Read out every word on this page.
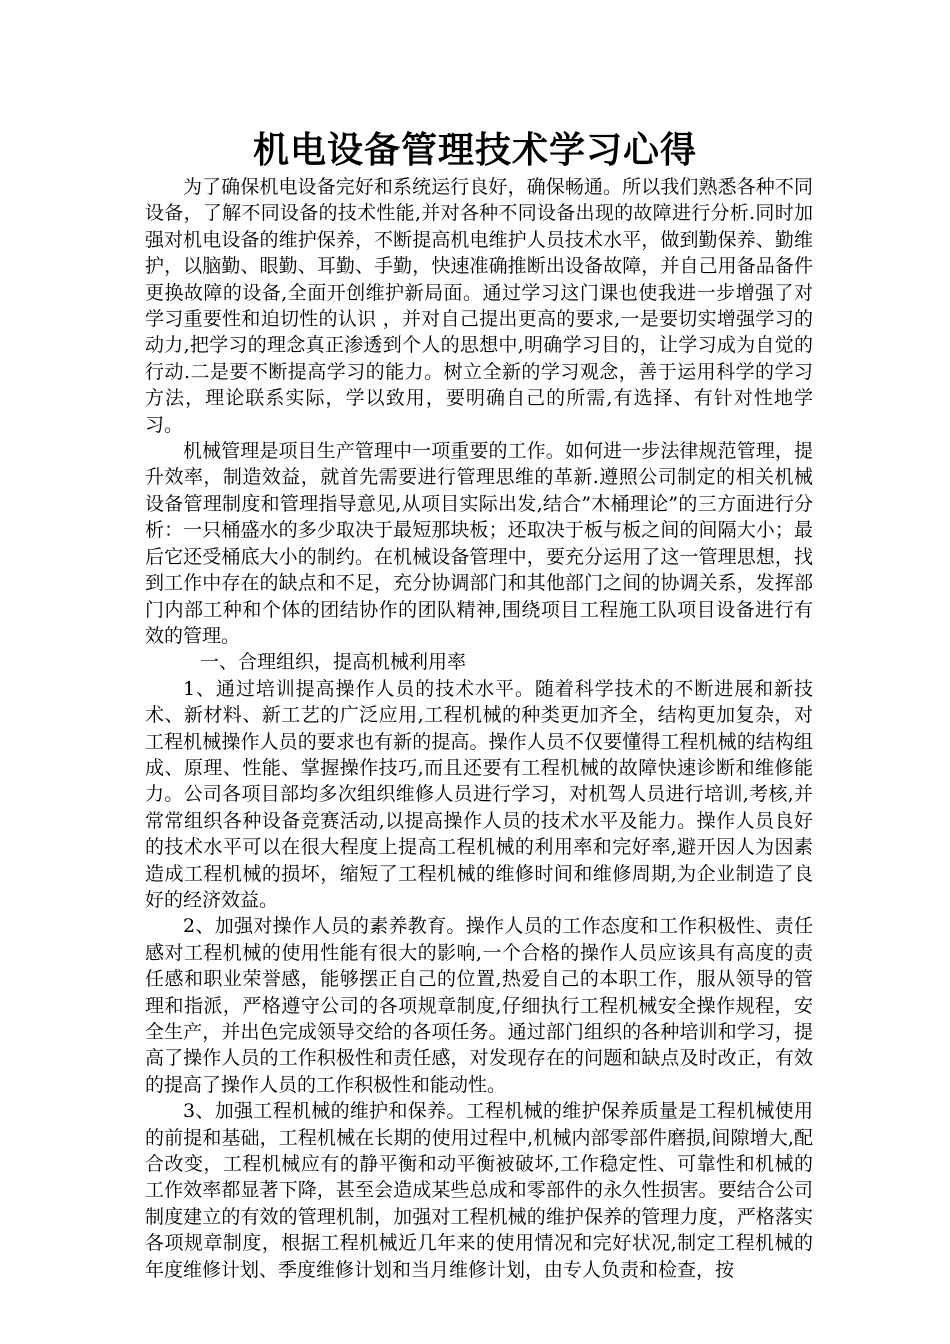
机电设备管理技术学习心得

为了确保机电设备完好和系统运行良好，确保畅通。所以我们熟悉各种不同设备，了解不同设备的技术性能,并对各种不同设备出现的故障进行分析.同时加强对机电设备的维护保养，不断提高机电维护人员技术水平，做到勤保养、勤维护，以脑勤、眼勤、耳勤、手勤，快速准确推断出设备故障，并自己用备品备件更换故障的设备,全面开创维护新局面。通过学习这门课也使我进一步增强了对学习重要性和迫切性的认识 ，并对自己提出更高的要求,一是要切实增强学习的动力,把学习的理念真正渗透到个人的思想中,明确学习目的，让学习成为自觉的行动.二是要不断提高学习的能力。树立全新的学习观念，善于运用科学的学习方法，理论联系实际，学以致用，要明确自己的所需,有选择、有针对性地学习。

机械管理是项目生产管理中一项重要的工作。如何进一步法律规范管理，提升效率，制造效益，就首先需要进行管理思维的革新.遵照公司制定的相关机械设备管理制度和管理指导意见,从项目实际出发,结合”木桶理论”的三方面进行分析：一只桶盛水的多少取决于最短那块板；还取决于板与板之间的间隔大小；最后它还受桶底大小的制约。在机械设备管理中，要充分运用了这一管理思想，找到工作中存在的缺点和不足，充分协调部门和其他部门之间的协调关系，发挥部门内部工种和个体的团结协作的团队精神,围绕项目工程施工队项目设备进行有效的管理。

一、合理组织，提高机械利用率

1、通过培训提高操作人员的技术水平。随着科学技术的不断进展和新技术、新材料、新工艺的广泛应用,工程机械的种类更加齐全，结构更加复杂，对工程机械操作人员的要求也有新的提高。操作人员不仅要懂得工程机械的结构组成、原理、性能、掌握操作技巧,而且还要有工程机械的故障快速诊断和维修能力。公司各项目部均多次组织维修人员进行学习，对机驾人员进行培训,考核,并常常组织各种设备竞赛活动,以提高操作人员的技术水平及能力。操作人员良好的技术水平可以在很大程度上提高工程机械的利用率和完好率,避开因人为因素造成工程机械的损坏，缩短了工程机械的维修时间和维修周期,为企业制造了良好的经济效益。

2、加强对操作人员的素养教育。操作人员的工作态度和工作积极性、责任感对工程机械的使用性能有很大的影响,一个合格的操作人员应该具有高度的责任感和职业荣誉感，能够摆正自己的位置,热爱自己的本职工作，服从领导的管理和指派，严格遵守公司的各项规章制度,仔细执行工程机械安全操作规程，安全生产，并出色完成领导交给的各项任务。通过部门组织的各种培训和学习，提高了操作人员的工作积极性和责任感，对发现存在的问题和缺点及时改正，有效的提高了操作人员的工作积极性和能动性。

3、加强工程机械的维护和保养。工程机械的维护保养质量是工程机械使用的前提和基础，工程机械在长期的使用过程中,机械内部零部件磨损,间隙增大,配合改变，工程机械应有的静平衡和动平衡被破坏,工作稳定性、可靠性和机械的工作效率都显著下降，甚至会造成某些总成和零部件的永久性损害。要结合公司制度建立的有效的管理机制，加强对工程机械的维护保养的管理力度，严格落实各项规章制度，根据工程机械近几年来的使用情况和完好状况,制定工程机械的年度维修计划、季度维修计划和当月维修计划，由专人负责和检查，按
